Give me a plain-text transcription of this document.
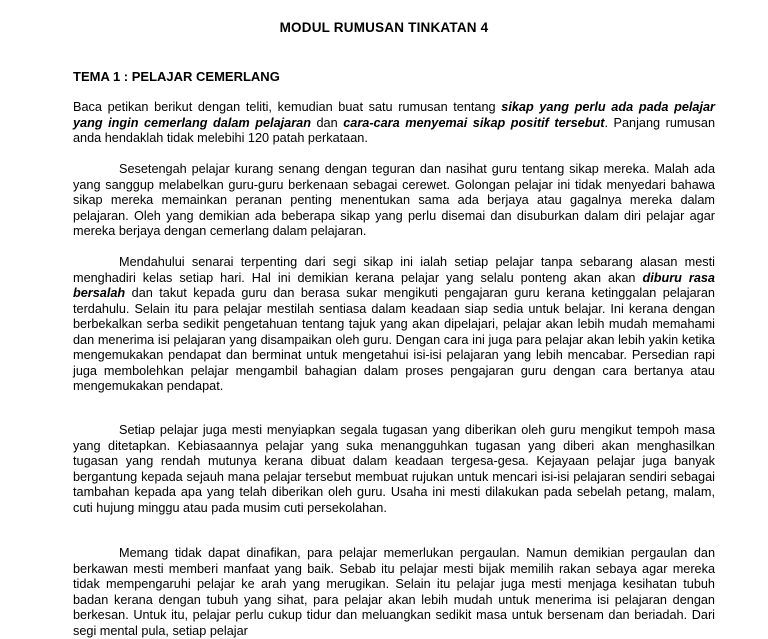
MODUL RUMUSAN TINKATAN 4
TEMA 1 : PELAJAR CEMERLANG

Baca petikan berikut dengan teliti, kemudian buat satu rumusan tentang sikap yang perlu ada pada pelajar yang ingin cemerlang dalam pelajaran dan cara-cara menyemai sikap positif tersebut. Panjang rumusan anda hendaklah tidak melebihi 120 patah perkataan.

Sesetengah pelajar kurang senang dengan teguran dan nasihat guru tentang sikap mereka. Malah ada yang sanggup melabelkan guru-guru berkenaan sebagai cerewet. Golongan pelajar ini tidak menyedari bahawa sikap mereka memainkan peranan penting menentukan sama ada berjaya atau gagalnya mereka dalam pelajaran. Oleh yang demikian ada beberapa sikap yang perlu disemai dan disuburkan dalam diri pelajar agar mereka berjaya dengan cemerlang dalam pelajaran.

Mendahului senarai terpenting dari segi sikap ini ialah setiap pelajar tanpa sebarang alasan mesti menghadiri kelas setiap hari. Hal ini demikian kerana pelajar yang selalu ponteng akan akan diburu rasa bersalah dan takut kepada guru dan berasa sukar mengikuti pengajaran guru kerana ketinggalan pelajaran terdahulu. Selain itu para pelajar mestilah sentiasa dalam keadaan siap sedia untuk belajar. Ini kerana dengan berbekalkan serba sedikit pengetahuan tentang tajuk yang akan dipelajari, pelajar akan lebih mudah memahami dan menerima isi pelajaran yang disampaikan oleh guru. Dengan cara ini juga para pelajar akan lebih yakin ketika mengemukakan pendapat dan berminat untuk mengetahui isi-isi pelajaran yang lebih mencabar. Persedian rapi juga membolehkan pelajar mengambil bahagian dalam proses pengajaran guru dengan cara bertanya atau mengemukakan pendapat.

Setiap pelajar juga mesti menyiapkan segala tugasan yang diberikan oleh guru mengikut tempoh masa yang ditetapkan. Kebiasaannya pelajar yang suka menangguhkan tugasan yang diberi akan menghasilkan tugasan yang rendah mutunya kerana dibuat dalam keadaan tergesa-gesa. Kejayaan pelajar juga banyak bergantung kepada sejauh mana pelajar tersebut membuat rujukan untuk mencari isi-isi pelajaran sendiri sebagai tambahan kepada apa yang telah diberikan oleh guru. Usaha ini mesti dilakukan pada sebelah petang, malam, cuti hujung minggu atau pada musim cuti persekolahan.

Memang tidak dapat dinafikan, para pelajar memerlukan pergaulan. Namun demikian pergaulan dan berkawan mesti memberi manfaat yang baik. Sebab itu pelajar mesti bijak memilih rakan sebaya agar mereka tidak mempengaruhi pelajar ke arah yang merugikan. Selain itu pelajar juga mesti menjaga kesihatan tubuh badan kerana dengan tubuh yang sihat, para pelajar akan lebih mudah untuk menerima isi pelajaran dengan berkesan. Untuk itu, pelajar perlu cukup tidur dan meluangkan sedikit masa untuk bersenam dan beriadah. Dari segi mental pula, setiap pelajar
